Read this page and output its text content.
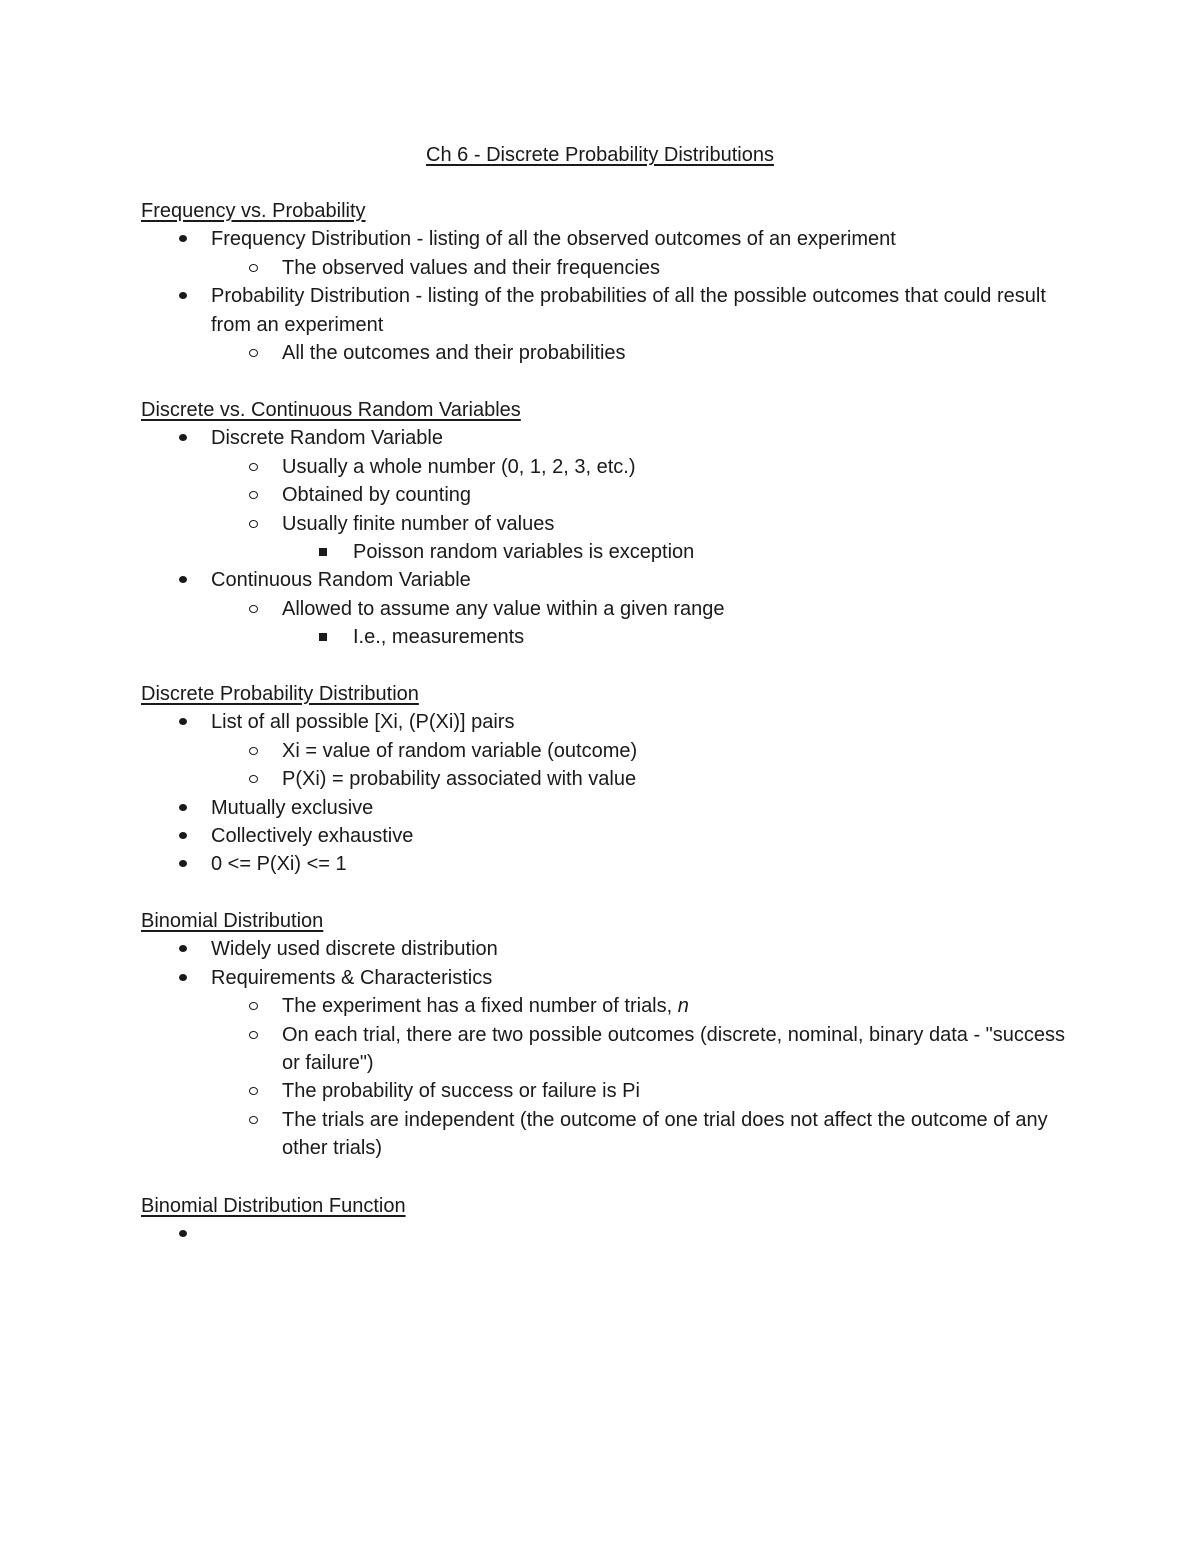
Ch 6 - Discrete Probability Distributions
Frequency vs. Probability
Frequency Distribution - listing of all the observed outcomes of an experiment
The observed values and their frequencies
Probability Distribution - listing of the probabilities of all the possible outcomes that could result from an experiment
All the outcomes and their probabilities
Discrete vs. Continuous Random Variables
Discrete Random Variable
Usually a whole number (0, 1, 2, 3, etc.)
Obtained by counting
Usually finite number of values
Poisson random variables is exception
Continuous Random Variable
Allowed to assume any value within a given range
I.e., measurements
Discrete Probability Distribution
List of all possible [Xi, (P(Xi)] pairs
Xi = value of random variable (outcome)
P(Xi) = probability associated with value
Mutually exclusive
Collectively exhaustive
0 <= P(Xi) <= 1
Binomial Distribution
Widely used discrete distribution
Requirements & Characteristics
The experiment has a fixed number of trials, n
On each trial, there are two possible outcomes (discrete, nominal, binary data - "success or failure")
The probability of success or failure is Pi
The trials are independent (the outcome of one trial does not affect the outcome of any other trials)
Binomial Distribution Function
